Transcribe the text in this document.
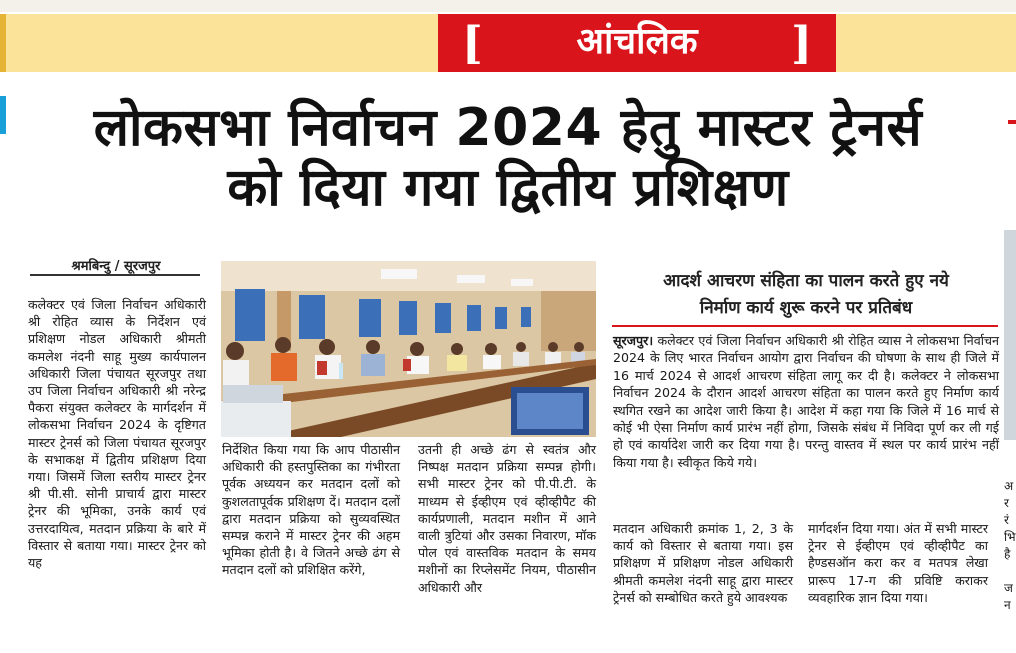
[	आंचलिक	]
लोकसभा निर्वाचन 2024 हेतु मास्टर ट्रेनर्स
को दिया गया द्वितीय प्रशिक्षण
श्रमबिन्दु / सूरजपुर
कलेक्टर एवं जिला निर्वाचन अधिकारी श्री रोहित व्यास के निर्देशन एवं प्रशिक्षण नोडल अधिकारी श्रीमती कमलेश नंदनी साहू मुख्य कार्यपालन अधिकारी जिला पंचायत सूरजपुर तथा उप जिला निर्वाचन अधिकारी श्री नरेन्द्र पैकरा संयुक्त कलेक्टर के मार्गदर्शन में लोकसभा निर्वाचन 2024 के दृष्टिगत मास्टर ट्रेनर्स को जिला पंचायत सूरजपुर के सभाकक्ष में द्वितीय प्रशिक्षण दिया गया। जिसमें जिला स्तरीय मास्टर ट्रेनर श्री पी.सी. सोनी प्राचार्य द्वारा मास्टर ट्रेनर की भूमिका, उनके कार्य एवं उत्तरदायित्व, मतदान प्रक्रिया के बारे में विस्तार से बताया गया। मास्टर ट्रेनर को यह
निर्देशित किया गया कि आप पीठासीन अधिकारी की हस्तपुस्तिका का गंभीरता पूर्वक अध्ययन कर मतदान दलों को कुशलतापूर्वक प्रशिक्षण दें। मतदान दलों द्वारा मतदान प्रक्रिया को सुव्यवस्थित सम्पन्न कराने में मास्टर ट्रेनर की अहम भूमिका होती है। वे जितने अच्छे ढंग से मतदान दलों को प्रशिक्षित करेंगे,
उतनी ही अच्छे ढंग से स्वतंत्र और निष्पक्ष मतदान प्रक्रिया सम्पन्न होगी। सभी मास्टर ट्रेनर को पी.पी.टी. के माध्यम से ईव्हीएम एवं व्हीव्हीपैट की कार्यप्रणाली, मतदान मशीन में आने वाली त्रुटियां और उसका निवारण, मॉक पोल एवं वास्तविक मतदान के समय मशीनों का रिप्लेसमेंट नियम, पीठासीन अधिकारी और
आदर्श आचरण संहिता का पालन करते हुए नये
निर्माण कार्य शुरू करने पर प्रतिबंध
सूरजपुर। कलेक्टर एवं जिला निर्वाचन अधिकारी श्री रोहित व्यास ने लोकसभा निर्वाचन 2024 के लिए भारत निर्वाचन आयोग द्वारा निर्वाचन की घोषणा के साथ ही जिले में 16 मार्च 2024 से आदर्श आचरण संहिता लागू कर दी है। कलेक्टर ने लोकसभा निर्वाचन 2024 के दौरान आदर्श आचरण संहिता का पालन करते हुए निर्माण कार्य स्थगित रखने का आदेश जारी किया है। आदेश में कहा गया कि जिले में 16 मार्च से कोई भी ऐसा निर्माण कार्य प्रारंभ नहीं होगा, जिसके संबंध में निविदा पूर्ण कर ली गई हो एवं कार्यादेश जारी कर दिया गया है। परन्तु वास्तव में स्थल पर कार्य प्रारंभ नहीं किया गया है। स्वीकृत किये गये।
मतदान अधिकारी क्रमांक 1, 2, 3 के कार्य को विस्तार से बताया गया। इस प्रशिक्षण में प्रशिक्षण नोडल अधिकारी श्रीमती कमलेश नंदनी साहू द्वारा मास्टर ट्रेनर्स को सम्बोधित करते हुये आवश्यक
मार्गदर्शन दिया गया। अंत में सभी मास्टर ट्रेनर से ईव्हीएम एवं व्हीव्हीपैट का हैण्डसऑन करा कर व मतपत्र लेखा प्रारूप 17-ग की प्रविष्टि कराकर व्यवहारिक ज्ञान दिया गया।
अ
र
रं
भि
है

ज
न
